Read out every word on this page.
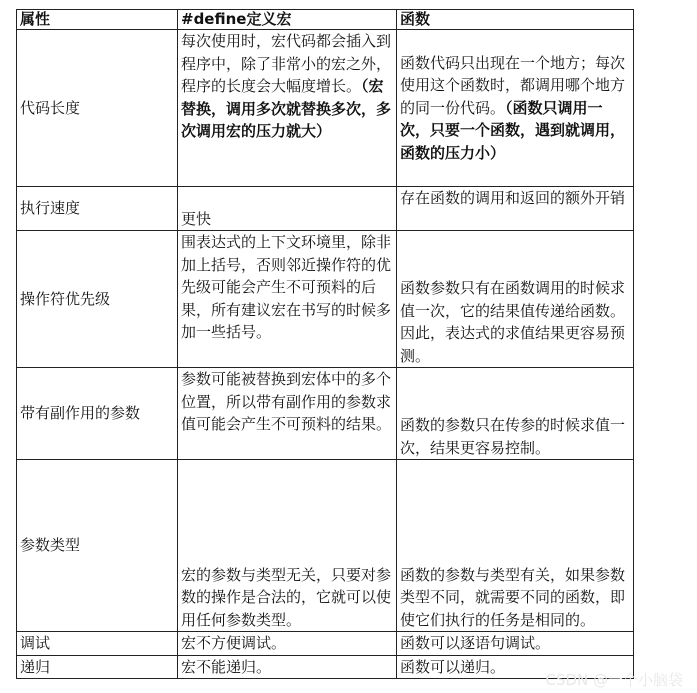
属性	#define定义宏	函数
代码长度	每次使用时，宏代码都会插入到程序中，除了非常小的宏之外，程序的长度会大幅度增长。（宏替换，调用多次就替换多次，多次调用宏的压力就大）	函数代码只出现在一个地方；每次使用这个函数时，都调用哪个地方的同一份代码。（函数只调用一次，只要一个函数，遇到就调用，函数的压力小）
执行速度	更快	存在函数的调用和返回的额外开销
操作符优先级	围表达式的上下文环境里，除非加上括号，否则邻近操作符的优先级可能会产生不可预料的后果，所有建议宏在书写的时候多加一些括号。	函数参数只有在函数调用的时候求值一次，它的结果值传递给函数。因此，表达式的求值结果更容易预测。
带有副作用的参数	参数可能被替换到宏体中的多个位置，所以带有副作用的参数求值可能会产生不可预料的结果。	函数的参数只在传参的时候求值一次，结果更容易控制。
参数类型	宏的参数与类型无关，只要对参数的操作是合法的，它就可以使用任何参数类型。	函数的参数与类型有关，如果参数类型不同，就需要不同的函数，即使它们执行的任务是相同的。
调试	宏不方便调试。	函数可以逐语句调试。
递归	宏不能递归。	函数可以递归。
CSDN @一个小脑袋
